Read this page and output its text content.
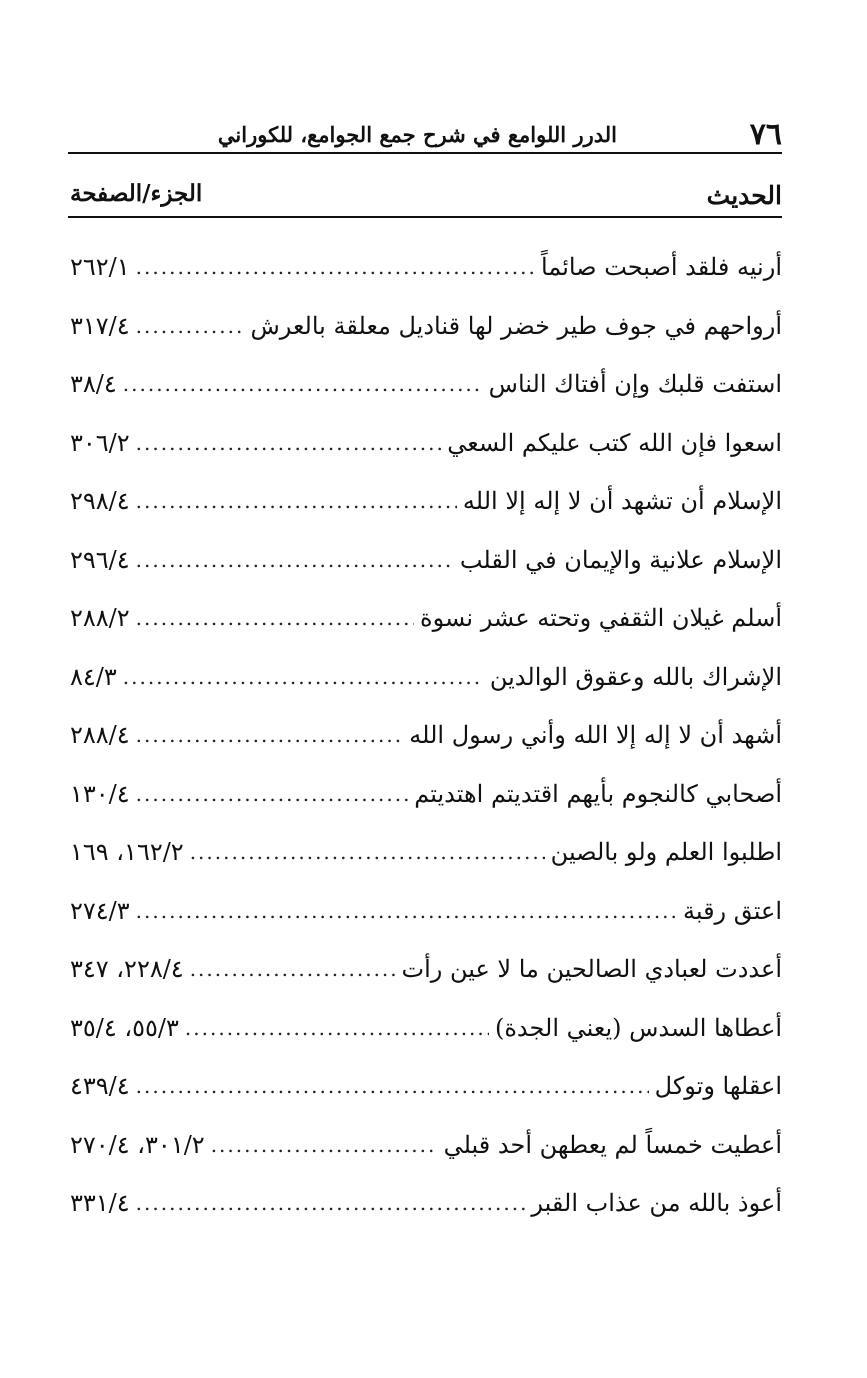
٧٦
الدرر اللوامع في شرح جمع الجوامع، للكوراني
الحديث
الجزء/الصفحة
أرنيه فلقد أصبحت صائماً
.....
٢٦٢/١
أرواحهم في جوف طير خضر لها قناديل معلقة بالعرش
.....
٣١٧/٤
استفت قلبك وإن أفتاك الناس
.....
٣٨/٤
اسعوا فإن الله كتب عليكم السعي
.....
٣٠٦/٢
الإسلام أن تشهد أن لا إله إلا الله
.....
٢٩٨/٤
الإسلام علانية والإيمان في القلب
.....
٢٩٦/٤
أسلم غيلان الثقفي وتحته عشر نسوة
.....
٢٨٨/٢
الإشراك بالله وعقوق الوالدين
.....
٨٤/٣
أشهد أن لا إله إلا الله وأني رسول الله
.....
٢٨٨/٤
أصحابي كالنجوم بأيهم اقتديتم اهتديتم
.....
١٣٠/٤
اطلبوا العلم ولو بالصين
.....
١٦٢/٢، ١٦٩
اعتق رقبة
.....
٢٧٤/٣
أعددت لعبادي الصالحين ما لا عين رأت
.....
٢٢٨/٤، ٣٤٧
أعطاها السدس (يعني الجدة)
.....
٥٥/٣، ٣٥/٤
اعقلها وتوكل
.....
٤٣٩/٤
أعطيت خمساً لم يعطهن أحد قبلي
.....
٣٠١/٢، ٢٧٠/٤
أعوذ بالله من عذاب القبر
.....
٣٣١/٤
